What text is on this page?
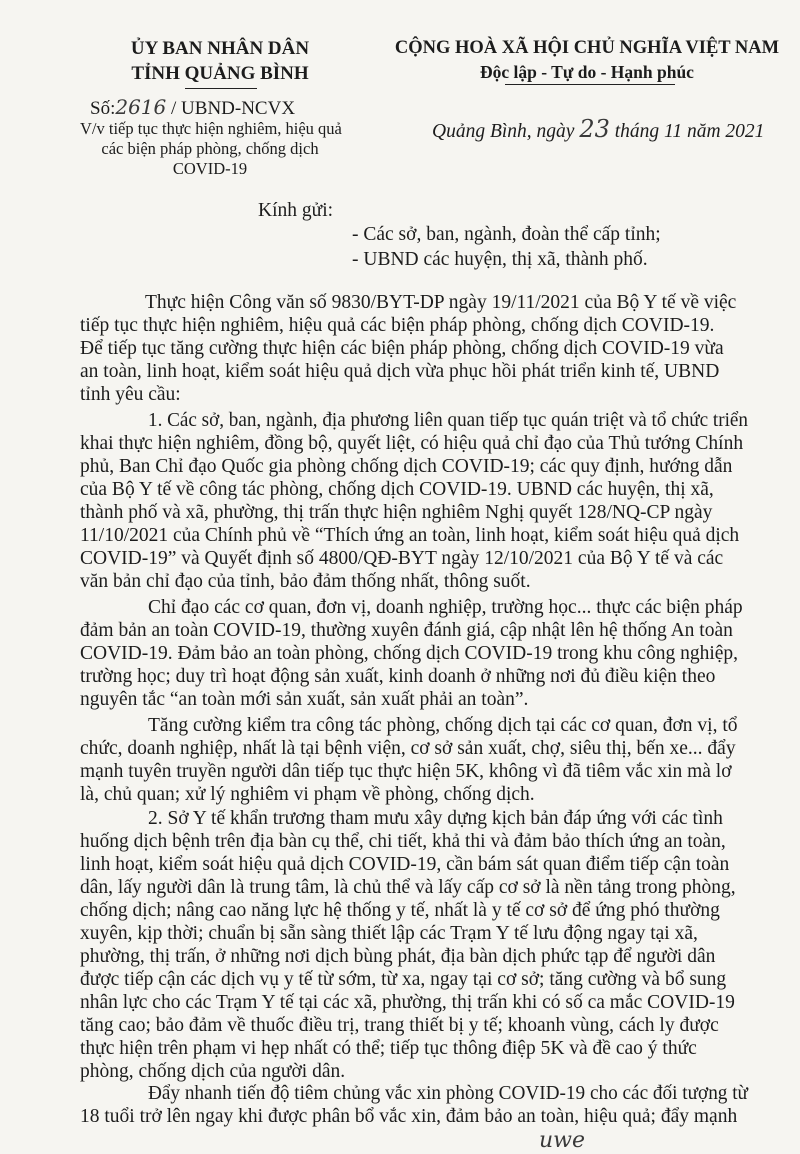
ỦY BAN NHÂN DÂN
TỈNH QUẢNG BÌNH
CỘNG HOÀ XÃ HỘI CHỦ NGHĨA VIỆT NAM
Độc lập - Tự do - Hạnh phúc
Số:2616 / UBND-NCVX
V/v tiếp tục thực hiện nghiêm, hiệu quả
các biện pháp phòng, chống dịch
COVID-19
Quảng Bình, ngày 23 tháng 11 năm 2021
Kính gửi:
- Các sở, ban, ngành, đoàn thể cấp tỉnh;
- UBND các huyện, thị xã, thành phố.
Thực hiện Công văn số 9830/BYT-DP ngày 19/11/2021 của Bộ Y tế về việc
tiếp tục thực hiện nghiêm, hiệu quả các biện pháp phòng, chống dịch COVID-19.
Để tiếp tục tăng cường thực hiện các biện pháp phòng, chống dịch COVID-19 vừa
an toàn, linh hoạt, kiểm soát hiệu quả dịch vừa phục hồi phát triển kinh tế, UBND
tỉnh yêu cầu:
1. Các sở, ban, ngành, địa phương liên quan tiếp tục quán triệt và tổ chức triển
khai thực hiện nghiêm, đồng bộ, quyết liệt, có hiệu quả chỉ đạo của Thủ tướng Chính
phủ, Ban Chỉ đạo Quốc gia phòng chống dịch COVID-19; các quy định, hướng dẫn
của Bộ Y tế về công tác phòng, chống dịch COVID-19. UBND các huyện, thị xã,
thành phố và xã, phường, thị trấn thực hiện nghiêm Nghị quyết 128/NQ-CP ngày
11/10/2021 của Chính phủ về “Thích ứng an toàn, linh hoạt, kiểm soát hiệu quả dịch
COVID-19” và Quyết định số 4800/QĐ-BYT ngày 12/10/2021 của Bộ Y tế và các
văn bản chỉ đạo của tỉnh, bảo đảm thống nhất, thông suốt.
Chỉ đạo các cơ quan, đơn vị, doanh nghiệp, trường học... thực các biện pháp
đảm bản an toàn COVID-19, thường xuyên đánh giá, cập nhật lên hệ thống An toàn
COVID-19. Đảm bảo an toàn phòng, chống dịch COVID-19 trong khu công nghiệp,
trường học; duy trì hoạt động sản xuất, kinh doanh ở những nơi đủ điều kiện theo
nguyên tắc “an toàn mới sản xuất, sản xuất phải an toàn”.
Tăng cường kiểm tra công tác phòng, chống dịch tại các cơ quan, đơn vị, tổ
chức, doanh nghiệp, nhất là tại bệnh viện, cơ sở sản xuất, chợ, siêu thị, bến xe... đẩy
mạnh tuyên truyền người dân tiếp tục thực hiện 5K, không vì đã tiêm vắc xin mà lơ
là, chủ quan; xử lý nghiêm vi phạm về phòng, chống dịch.
2. Sở Y tế khẩn trương tham mưu xây dựng kịch bản đáp ứng với các tình
huống dịch bệnh trên địa bàn cụ thể, chi tiết, khả thi và đảm bảo thích ứng an toàn,
linh hoạt, kiểm soát hiệu quả dịch COVID-19, cần bám sát quan điểm tiếp cận toàn
dân, lấy người dân là trung tâm, là chủ thể và lấy cấp cơ sở là nền tảng trong phòng,
chống dịch; nâng cao năng lực hệ thống y tế, nhất là y tế cơ sở để ứng phó thường
xuyên, kịp thời; chuẩn bị sẵn sàng thiết lập các Trạm Y tế lưu động ngay tại xã,
phường, thị trấn, ở những nơi dịch bùng phát, địa bàn dịch phức tạp để người dân
được tiếp cận các dịch vụ y tế từ sớm, từ xa, ngay tại cơ sở; tăng cường và bổ sung
nhân lực cho các Trạm Y tế tại các xã, phường, thị trấn khi có số ca mắc COVID-19
tăng cao; bảo đảm về thuốc điều trị, trang thiết bị y tế; khoanh vùng, cách ly được
thực hiện trên phạm vi hẹp nhất có thể; tiếp tục thông điệp 5K và đề cao ý thức
phòng, chống dịch của người dân.
Đẩy nhanh tiến độ tiêm chủng vắc xin phòng COVID-19 cho các đối tượng từ
18 tuổi trở lên ngay khi được phân bổ vắc xin, đảm bảo an toàn, hiệu quả; đẩy mạnh
uwe
